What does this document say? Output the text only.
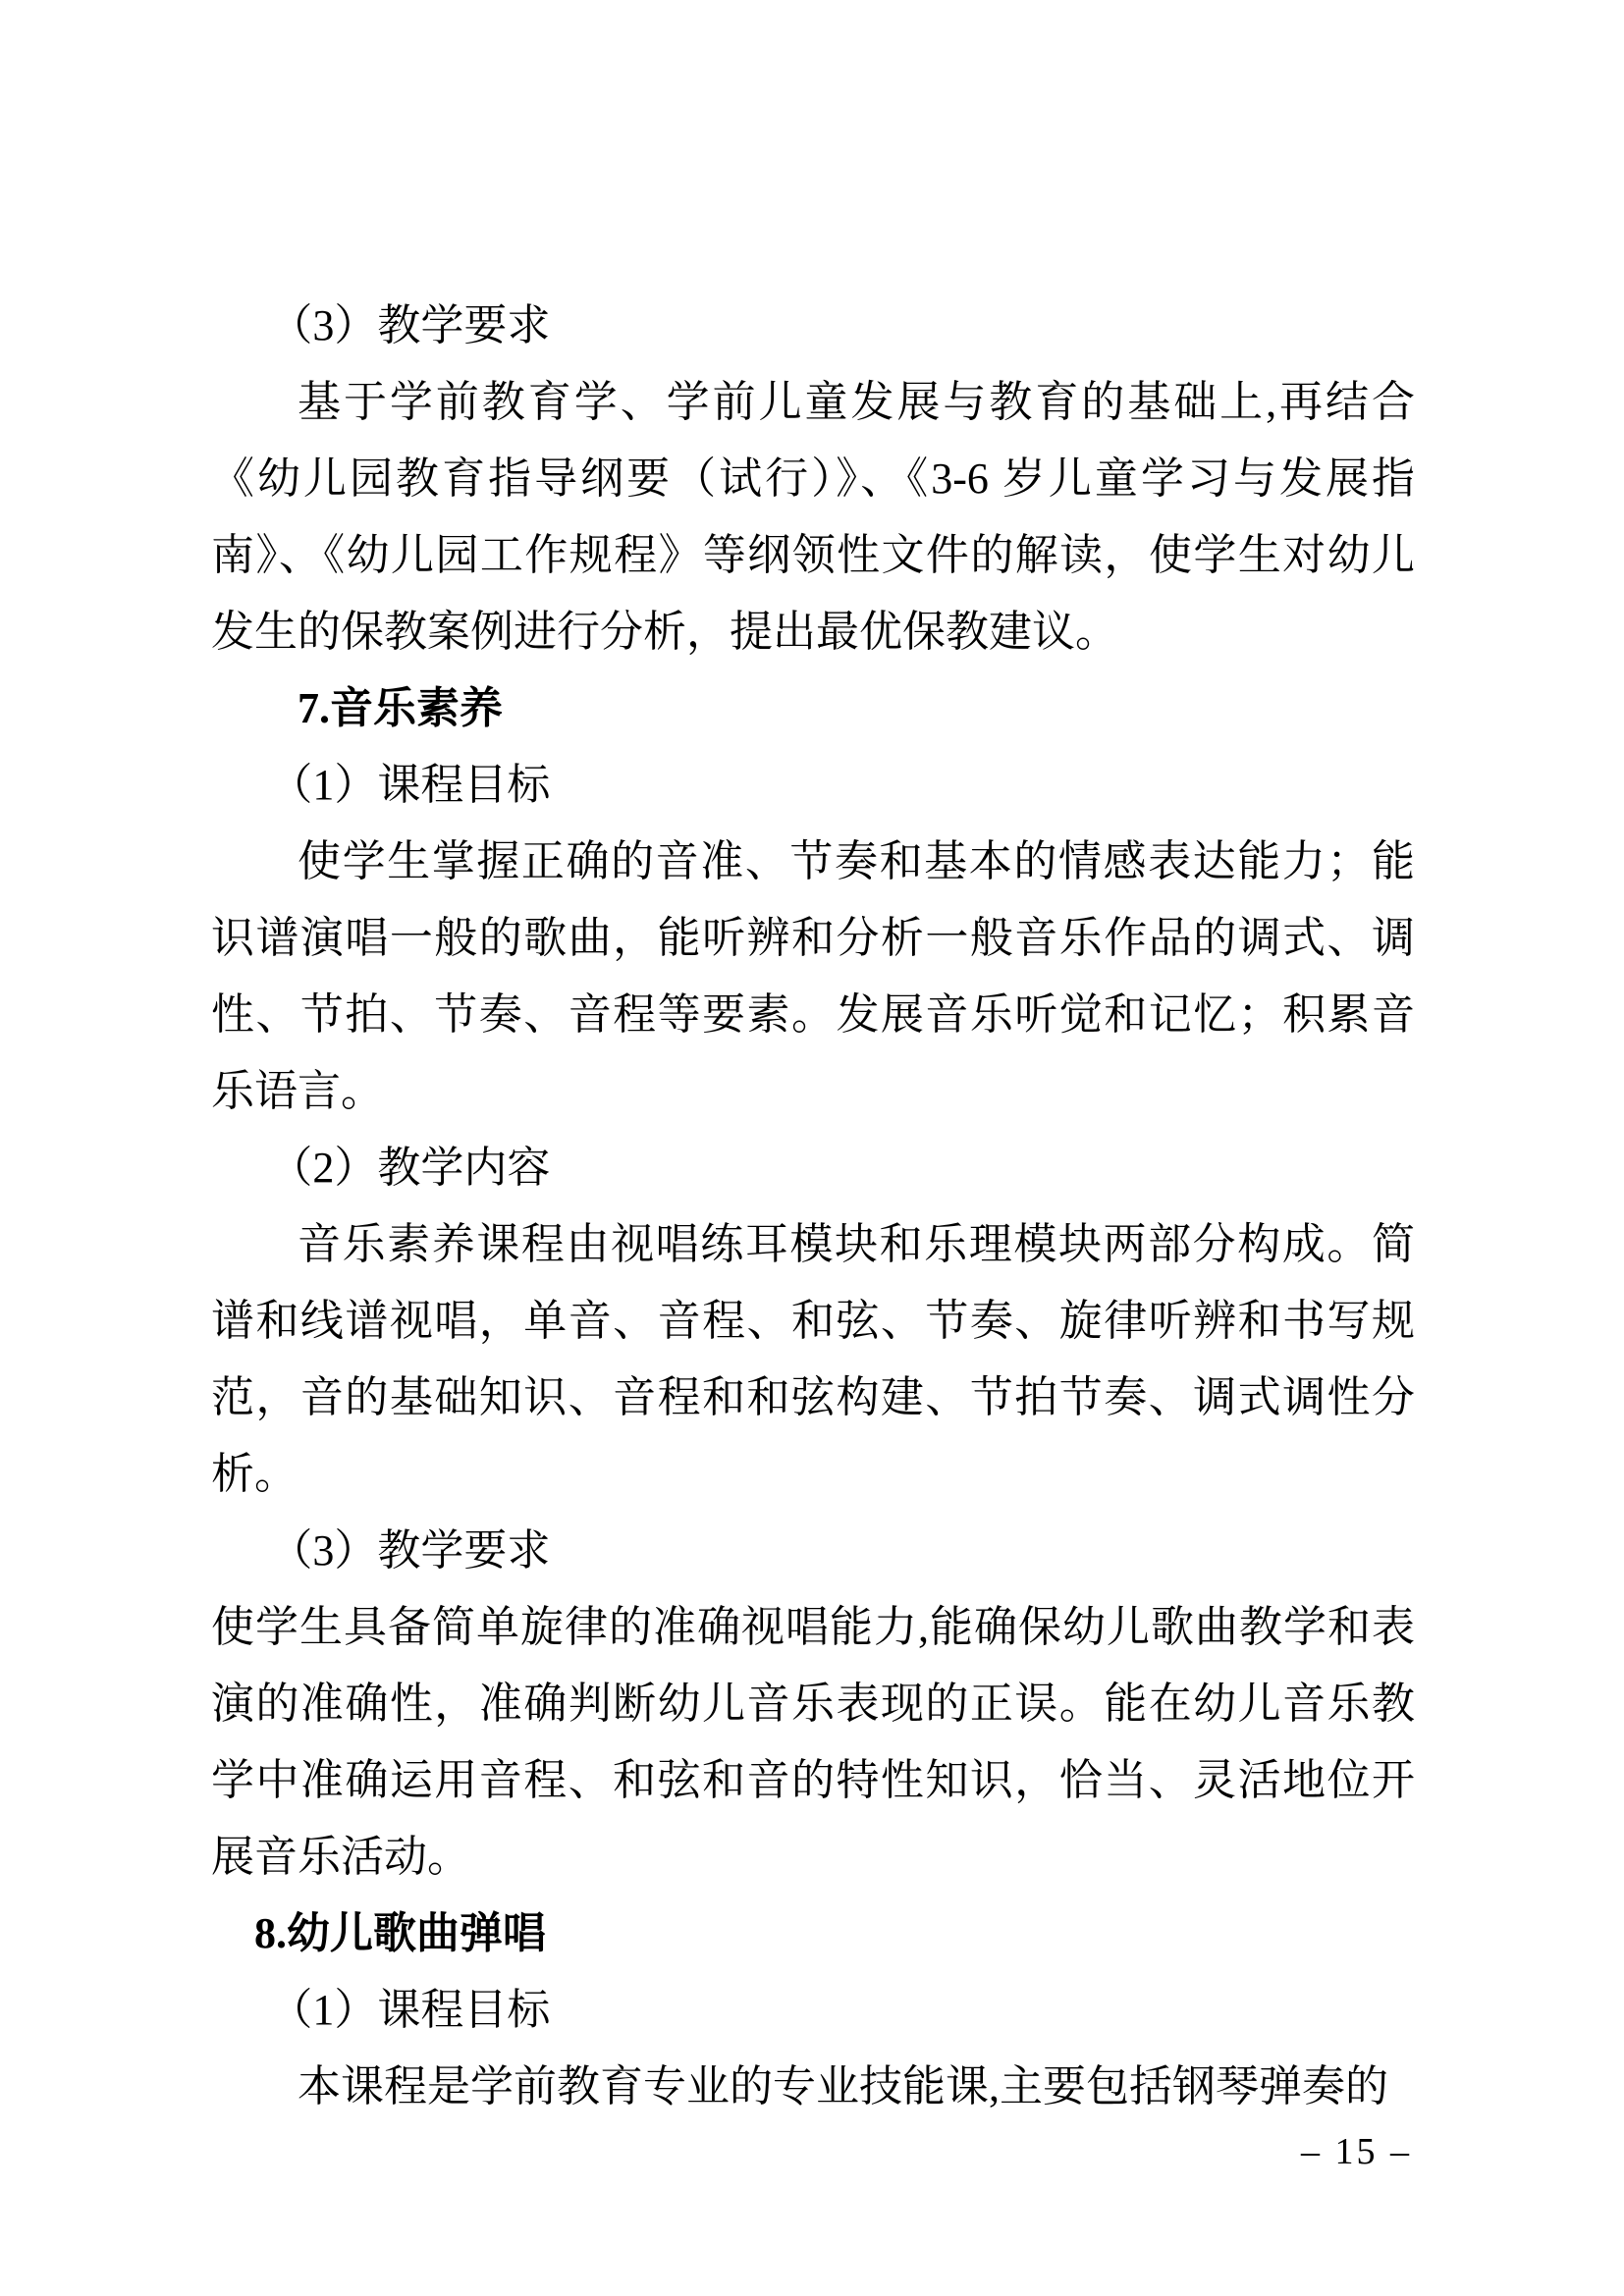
（3）教学要求

基于学前教育学、学前儿童发展与教育的基础上,再结合《幼儿园教育指导纲要（试行）》、《3-6 岁儿童学习与发展指南》、《幼儿园工作规程》等纲领性文件的解读，使学生对幼儿发生的保教案例进行分析，提出最优保教建议。

7.音乐素养

（1）课程目标

使学生掌握正确的音准、节奏和基本的情感表达能力；能识谱演唱一般的歌曲，能听辨和分析一般音乐作品的调式、调性、节拍、节奏、音程等要素。发展音乐听觉和记忆；积累音乐语言。

（2）教学内容

音乐素养课程由视唱练耳模块和乐理模块两部分构成。简谱和线谱视唱，单音、音程、和弦、节奏、旋律听辨和书写规范，音的基础知识、音程和和弦构建、节拍节奏、调式调性分析。

（3）教学要求

使学生具备简单旋律的准确视唱能力,能确保幼儿歌曲教学和表演的准确性，准确判断幼儿音乐表现的正误。能在幼儿音乐教学中准确运用音程、和弦和音的特性知识，恰当、灵活地位开展音乐活动。

8.幼儿歌曲弹唱

（1）课程目标

本课程是学前教育专业的专业技能课,主要包括钢琴弹奏的

– 15 –
